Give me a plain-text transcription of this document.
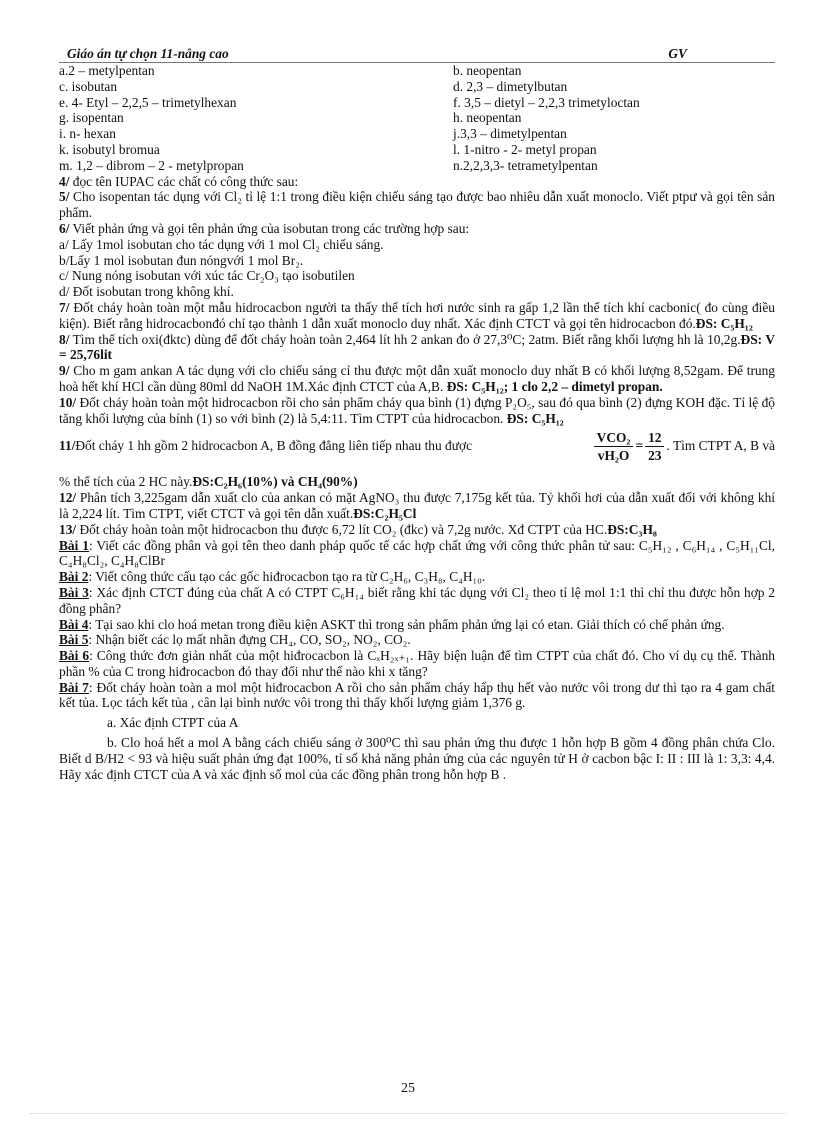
Giáo án tự chọn 11-nâng cao	GV
a.2 – metylpentan	b. neopentan
c. isobutan	d. 2,3 – dimetylbutan
e. 4- Etyl – 2,2,5 – trimetylhexan	f. 3,5 – dietyl – 2,2,3 trimetyloctan
g. isopentan	h. neopentan
i. n- hexan	j.3,3 – dimetylpentan
k. isobutyl bromua	l. 1-nitro - 2- metyl propan
m. 1,2 – dibrom – 2 - metylpropan	n.2,2,3,3- tetrametylpentan

4/ đọc tên IUPAC các chất có công thức sau:

5/ Cho isopentan tác dụng với Cl₂ tỉ lệ 1:1 trong điều kiện chiếu sáng tạo được bao nhiêu dẫn xuất monoclo. Viết ptpư và gọi tên sản phẩm.

6/ Viết phản ứng và gọi tên phản ứng của isobutan trong các trường hợp sau:

a/ Lấy 1mol isobutan cho tác dụng với 1 mol Cl₂ chiếu sáng.

b/Lấy 1 mol isobutan đun nóngvới 1 mol Br₂.

c/ Nung nóng isobutan với xúc tác Cr₂O₃ tạo isobutilen

d/ Đốt isobutan trong không khí.

7/ Đốt cháy hoàn toàn một mẫu hidrocacbon người ta thấy thể tích hơi nước sinh ra gấp 1,2 lần thể tích khí cacbonic( đo cùng điều kiện). Biết rằng hidrocacbonđó chỉ tạo thành 1 dẫn xuất monoclo duy nhất. Xác định CTCT và gọi tên hidrocacbon đó.ĐS: C₅H₁₂

8/ Tìm thể tích oxi(đktc) dùng để đốt cháy hoàn toàn 2,464 lít hh 2 ankan đo ở 27,3⁰C; 2atm. Biết rằng khối lượng hh là 10,2g.ĐS: V = 25,76lit

9/ Cho m gam ankan A tác dụng với clo chiếu sáng cỉ thu được một dẫn xuất monoclo duy nhất B có khối lượng 8,52gam. Để trung hoà hết khí HCl cần dùng 80ml dd NaOH 1M.Xác định CTCT của A,B. ĐS: C₅H₁₂; 1 clo 2,2 – dimetyl propan.

10/ Đốt cháy hoàn toàn một hidrocacbon rồi cho sản phẩm cháy qua bình (1) đựng P₂O₅, sau đó qua bình (2) đựng KOH đặc. Tỉ lệ độ tăng khối lượng của bính (1) so với bình (2) là 5,4:11. Tìm CTPT của hidrocacbon. ĐS: C₅H₁₂

11/Đốt cháy 1 hh gồm 2 hidrocacbon A, B đồng đẳng liên tiếp nhau thu được	$\frac{\text{VCO₂}}{\text{vH₂O}} = \frac{12}{23}$ . Tìm CTPT A, B và

% thể tích của 2 HC này.ĐS:C₂H₆(10%) và CH₄(90%)

12/ Phân tích 3,225gam dẫn xuất clo của ankan có mặt AgNO₃ thu được 7,175g kết tủa. Tỷ khối hơi của dẫn xuất đối với không khí là 2,224 lít. Tìm CTPT, viết CTCT và gọi tên dẫn xuất.ĐS:C₂H₅Cl

13/ Đốt cháy hoàn toàn một hidrocacbon thu được 6,72 lít CO₂ (đkc) và 7,2g nước. Xđ CTPT của HC.ĐS:C₃H₈

Bài 1: Viết các đồng phân và gọi tên theo danh pháp quốc tế các hợp chất ứng với công thức phân tử sau: C₅H₁₂ , C₆H₁₄ , C₅H₁₁Cl, C₄H₈Cl₂, C₄H₈ClBr

Bài 2: Viết công thức cấu tạo các gốc hiđrocacbon tạo ra từ C₂H₆, C₃H₈, C₄H₁₀.

Bài 3: Xác định CTCT đúng của chất A có CTPT C₆H₁₄ biết rằng khi tác dụng với Cl₂ theo tỉ lệ mol 1:1 thì chỉ thu được hỗn hợp 2 đồng phân?

Bài 4: Tại sao khi clo hoá metan trong điều kiện ASKT thì trong sản phẩm phản ứng lại có etan. Giải thích có chế phản ứng.

Bài 5: Nhận biết các lọ mất nhãn đựng CH₄, CO, SO₂, NO₂, CO₂.

Bài 6: Công thức đơn giản nhất của một hiđrocacbon là CₓH₂ₓ₊₁. Hãy biện luận để tìm CTPT của chất đó. Cho ví dụ cụ thể. Thành phần % của C trong hiđrocacbon đó thay đổi như thế nào khi x tăng?

Bài 7: Đốt cháy hoàn toàn a mol một hiđrocacbon A rồi cho sản phẩm cháy hấp thụ hết vào nước vôi trong dư thì tạo ra 4 gam chất kết tủa. Lọc tách kết tủa , cân lại bình nước vôi trong thì thấy khối lượng giảm 1,376 g.

a. Xác định CTPT của A

b. Clo hoá hết a mol A bằng cách chiếu sáng ở 300⁰C thì sau phản ứng thu được 1 hỗn hợp B gồm 4 đồng phân chứa Clo. Biết d B/H2 < 93 và hiệu suất phản ứng đạt 100%, tỉ số khả năng phản ứng của các nguyên tử H ở cacbon bậc I: II : III là 1: 3,3: 4,4. Hãy xác định CTCT của A và xác định số mol của các đồng phân trong hỗn hợp B .

25
